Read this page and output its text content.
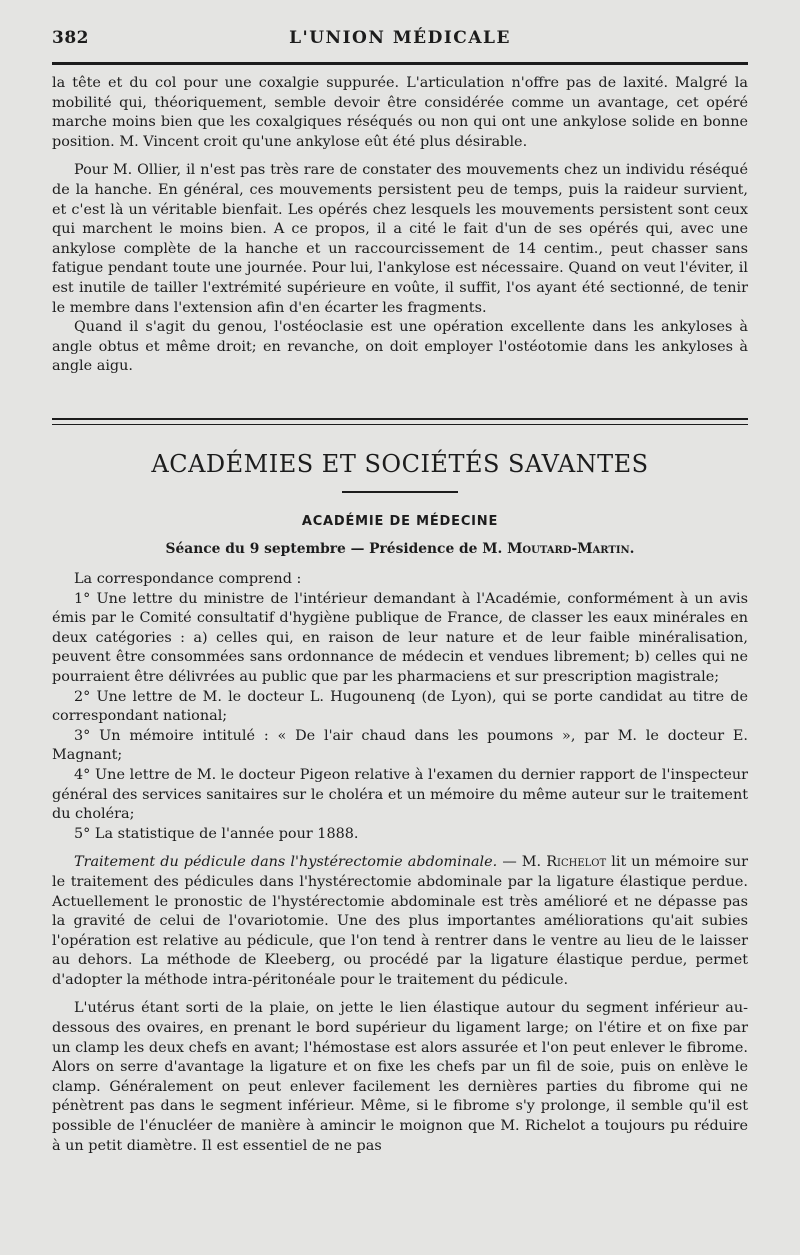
382	L'UNION MÉDICALE

la tête et du col pour une coxalgie suppurée. L'articulation n'offre pas de laxité. Malgré la mobilité qui, théoriquement, semble devoir être considérée comme un avantage, cet opéré marche moins bien que les coxalgiques réséqués ou non qui ont une ankylose solide en bonne position. M. Vincent croit qu'une ankylose eût été plus désirable.

Pour M. Ollier, il n'est pas très rare de constater des mouvements chez un individu réséqué de la hanche. En général, ces mouvements persistent peu de temps, puis la raideur survient, et c'est là un véritable bienfait. Les opérés chez lesquels les mouvements persistent sont ceux qui marchent le moins bien. A ce propos, il a cité le fait d'un de ses opérés qui, avec une ankylose complète de la hanche et un raccourcissement de 14 centim., peut chasser sans fatigue pendant toute une journée. Pour lui, l'ankylose est nécessaire. Quand on veut l'éviter, il est inutile de tailler l'extrémité supérieure en voûte, il suffit, l'os ayant été sectionné, de tenir le membre dans l'extension afin d'en écarter les fragments.

Quand il s'agit du genou, l'ostéoclasie est une opération excellente dans les ankyloses à angle obtus et même droit; en revanche, on doit employer l'ostéotomie dans les ankyloses à angle aigu.

ACADÉMIES ET SOCIÉTÉS SAVANTES
ACADÉMIE DE MÉDECINE
Séance du 9 septembre — Présidence de M. Moutard-Martin.

La correspondance comprend :

1° Une lettre du ministre de l'intérieur demandant à l'Académie, conformément à un avis émis par le Comité consultatif d'hygiène publique de France, de classer les eaux minérales en deux catégories : a) celles qui, en raison de leur nature et de leur faible minéralisation, peuvent être consommées sans ordonnance de médecin et vendues librement; b) celles qui ne pourraient être délivrées au public que par les pharmaciens et sur prescription magistrale;

2° Une lettre de M. le docteur L. Hugounenq (de Lyon), qui se porte candidat au titre de correspondant national;

3° Un mémoire intitulé : « De l'air chaud dans les poumons », par M. le docteur E. Magnant;

4° Une lettre de M. le docteur Pigeon relative à l'examen du dernier rapport de l'inspecteur général des services sanitaires sur le choléra et un mémoire du même auteur sur le traitement du choléra;

5° La statistique de l'année pour 1888.

Traitement du pédicule dans l'hystérectomie abdominale. — M. Richelot lit un mémoire sur le traitement des pédicules dans l'hystérectomie abdominale par la ligature élastique perdue. Actuellement le pronostic de l'hystérectomie abdominale est très amélioré et ne dépasse pas la gravité de celui de l'ovariotomie. Une des plus importantes améliorations qu'ait subies l'opération est relative au pédicule, que l'on tend à rentrer dans le ventre au lieu de le laisser au dehors. La méthode de Kleeberg, ou procédé par la ligature élastique perdue, permet d'adopter la méthode intra-péritonéale pour le traitement du pédicule.

L'utérus étant sorti de la plaie, on jette le lien élastique autour du segment inférieur au-dessous des ovaires, en prenant le bord supérieur du ligament large; on l'étire et on fixe par un clamp les deux chefs en avant; l'hémostase est alors assurée et l'on peut enlever le fibrome. Alors on serre d'avantage la ligature et on fixe les chefs par un fil de soie, puis on enlève le clamp. Généralement on peut enlever facilement les dernières parties du fibrome qui ne pénètrent pas dans le segment inférieur. Même, si le fibrome s'y prolonge, il semble qu'il est possible de l'énucléer de manière à amincir le moignon que M. Richelot a toujours pu réduire à un petit diamètre. Il est essentiel de ne pas
